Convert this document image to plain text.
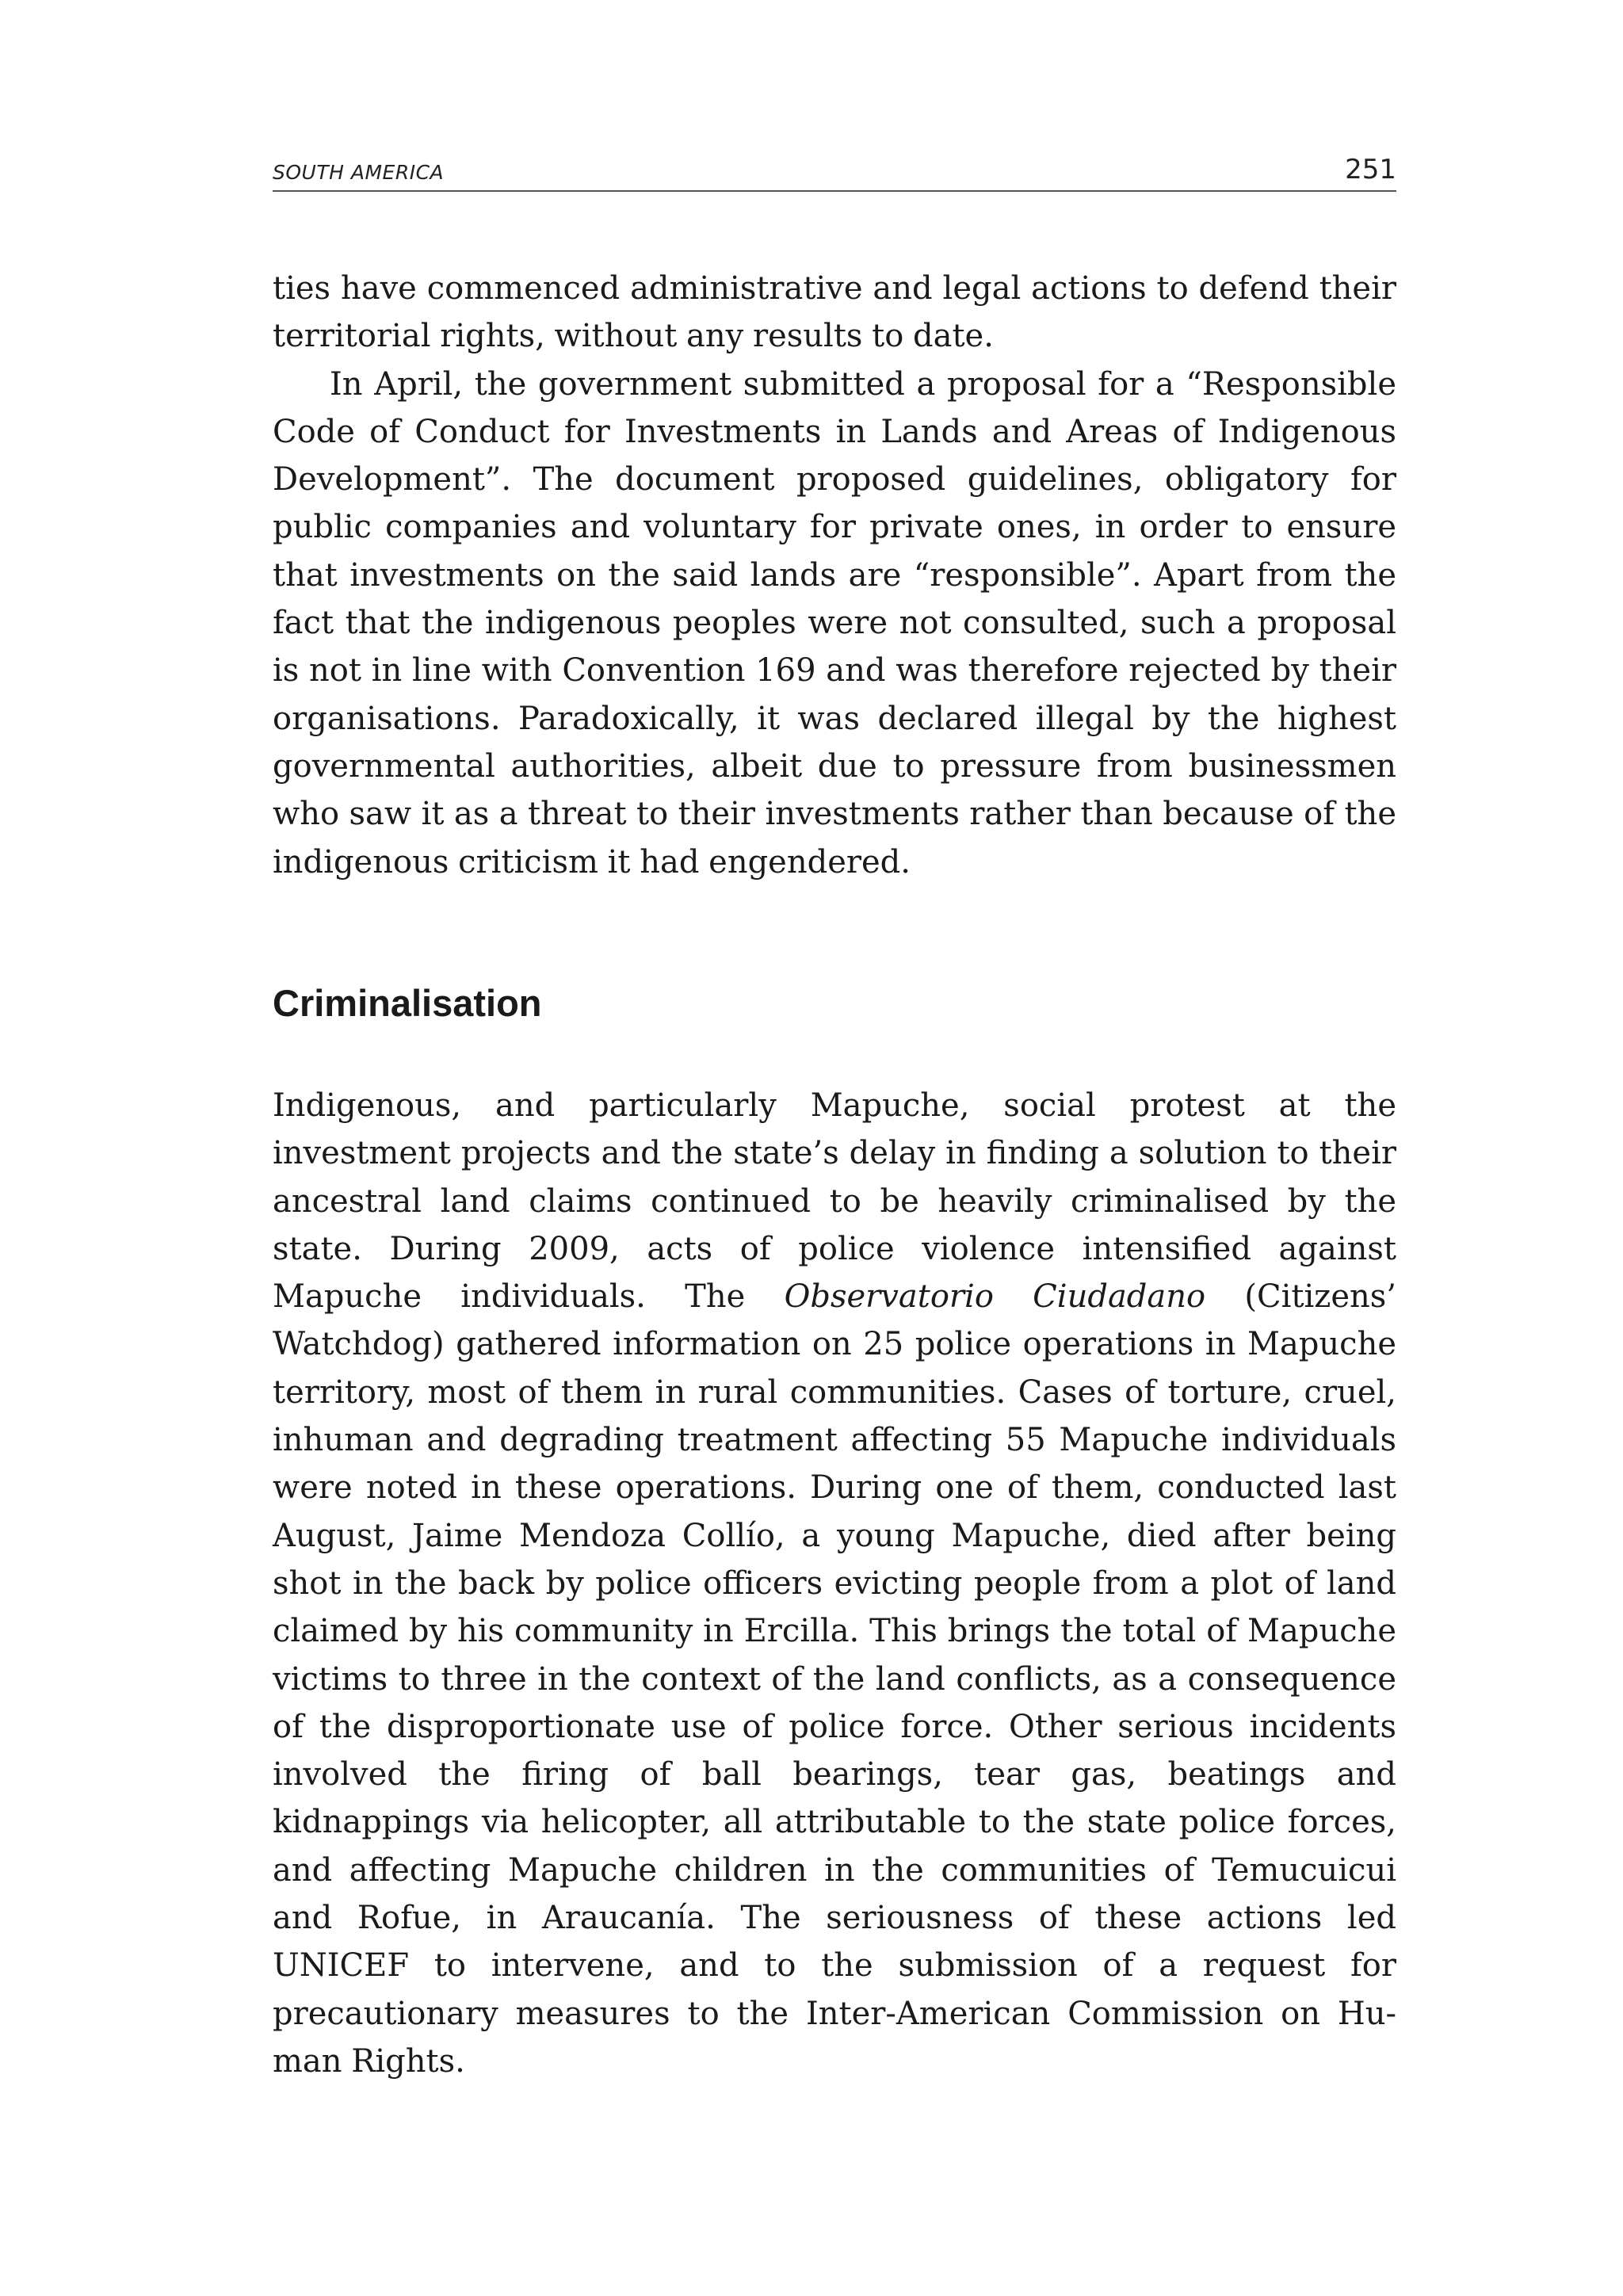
SOUTH AMERICA	251

ties have commenced administrative and legal actions to defend their territorial rights, without any results to date.

In April, the government submitted a proposal for a “Responsible Code of Conduct for Investments in Lands and Areas of Indigenous Development”. The document proposed guidelines, obligatory for public companies and voluntary for private ones, in order to ensure that investments on the said lands are “responsible”. Apart from the fact that the indigenous peoples were not consulted, such a proposal is not in line with Convention 169 and was therefore rejected by their organisations. Paradoxically, it was declared illegal by the highest governmental authorities, albeit due to pressure from businessmen who saw it as a threat to their investments rather than because of the indigenous criticism it had engendered.

Criminalisation

Indigenous, and particularly Mapuche, social protest at the investment projects and the state’s delay in finding a solution to their ancestral land claims continued to be heavily criminalised by the state. During 2009, acts of police violence intensified against Mapuche individuals. The Observatorio Ciudadano (Citizens’ Watchdog) gathered information on 25 police operations in Mapuche territory, most of them in rural communities. Cases of torture, cruel, inhuman and degrading treatment affecting 55 Mapuche individuals were noted in these operations. During one of them, conducted last August, Jaime Mendoza Collío, a young Mapuche, died after being shot in the back by police officers evicting people from a plot of land claimed by his community in Ercilla. This brings the total of Mapuche victims to three in the context of the land conflicts, as a consequence of the disproportionate use of police force. Other serious incidents involved the firing of ball bearings, tear gas, beatings and kidnappings via helicopter, all attributable to the state police forces, and affecting Mapuche children in the communities of Temucuicui and Rofue, in Araucanía. The seriousness of these actions led UNICEF to intervene, and to the submission of a request for precautionary measures to the Inter-American Commission on Human Rights.
